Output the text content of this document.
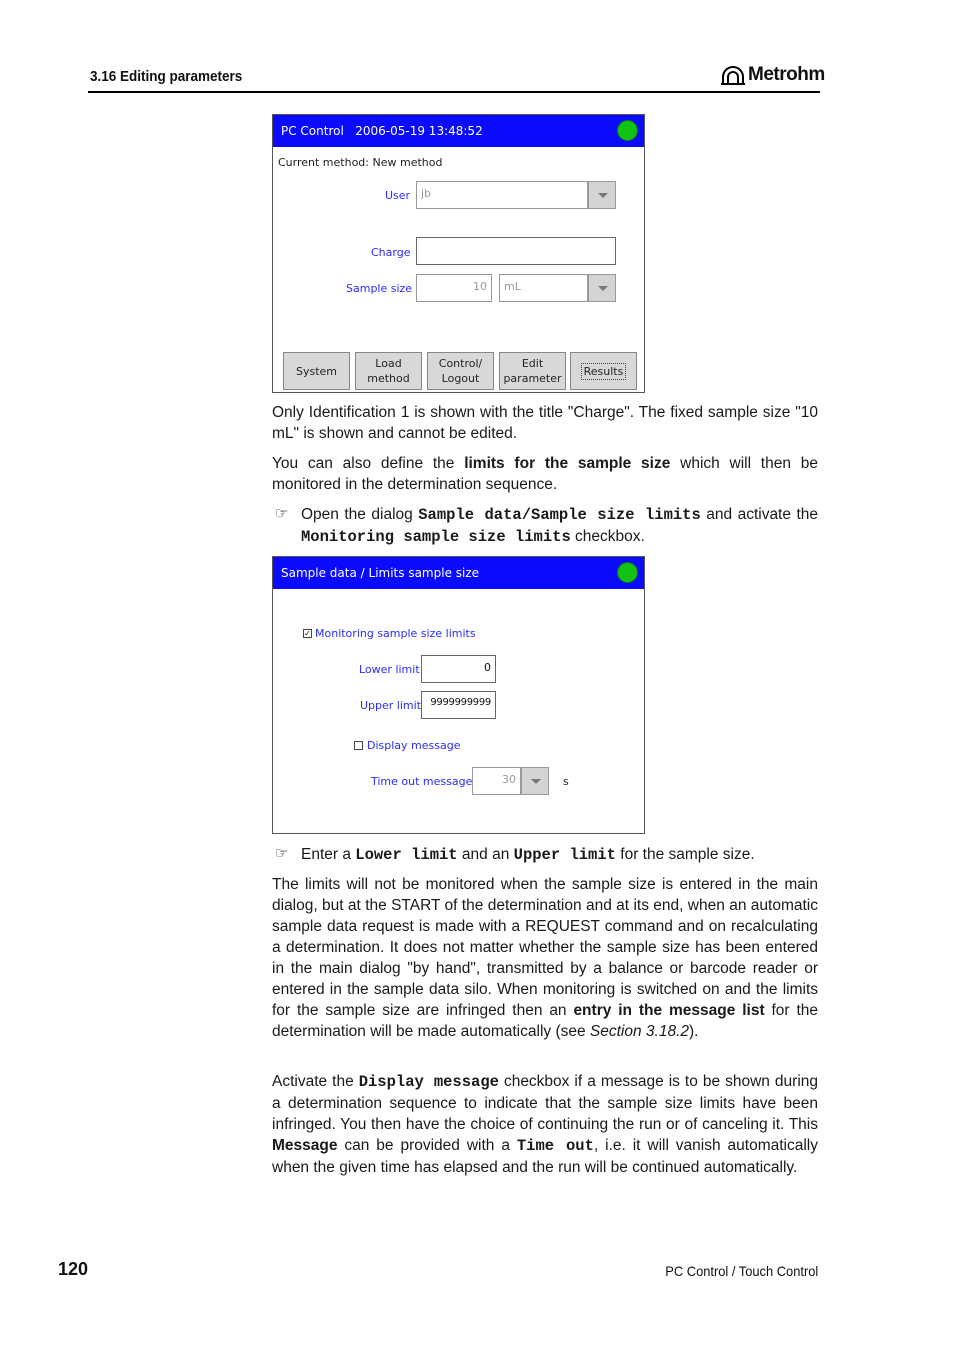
3.16 Editing parameters	Metrohm
PC Control   2006-05-19 13:48:52
Current method: New method
User jb
Charge
Sample size	10	mL
System
Load
method
Control/
Logout
Edit
parameter
Results
Only Identification 1 is shown with the title "Charge". The fixed sample size "10 mL" is shown and cannot be edited.
You can also define the limits for the sample size which will then be monitored in the determination sequence.
☞ Open the dialog Sample data/Sample size limits and activate the Monitoring sample size limits checkbox.
Sample data / Limits sample size
✓ Monitoring sample size limits
Lower limit	0
Upper limit 9999999999
Display message
Time out message	30	s
☞ Enter a Lower limit and an Upper limit for the sample size.
The limits will not be monitored when the sample size is entered in the main dialog, but at the START of the determination and at its end, when an automatic sample data request is made with a REQUEST command and on recalculating a determination. It does not matter whether the sample size has been entered in the main dialog "by hand", transmitted by a balance or barcode reader or entered in the sample data silo. When monitoring is switched on and the limits for the sample size are infringed then an entry in the message list for the determination will be made automatically (see Section 3.18.2).
Activate the Display message checkbox if a message is to be shown during a determination sequence to indicate that the sample size limits have been infringed. You then have the choice of continuing the run or of canceling it. This Message can be provided with a Time out, i.e. it will vanish automatically when the given time has elapsed and the run will be continued automatically.
120	PC Control / Touch Control
